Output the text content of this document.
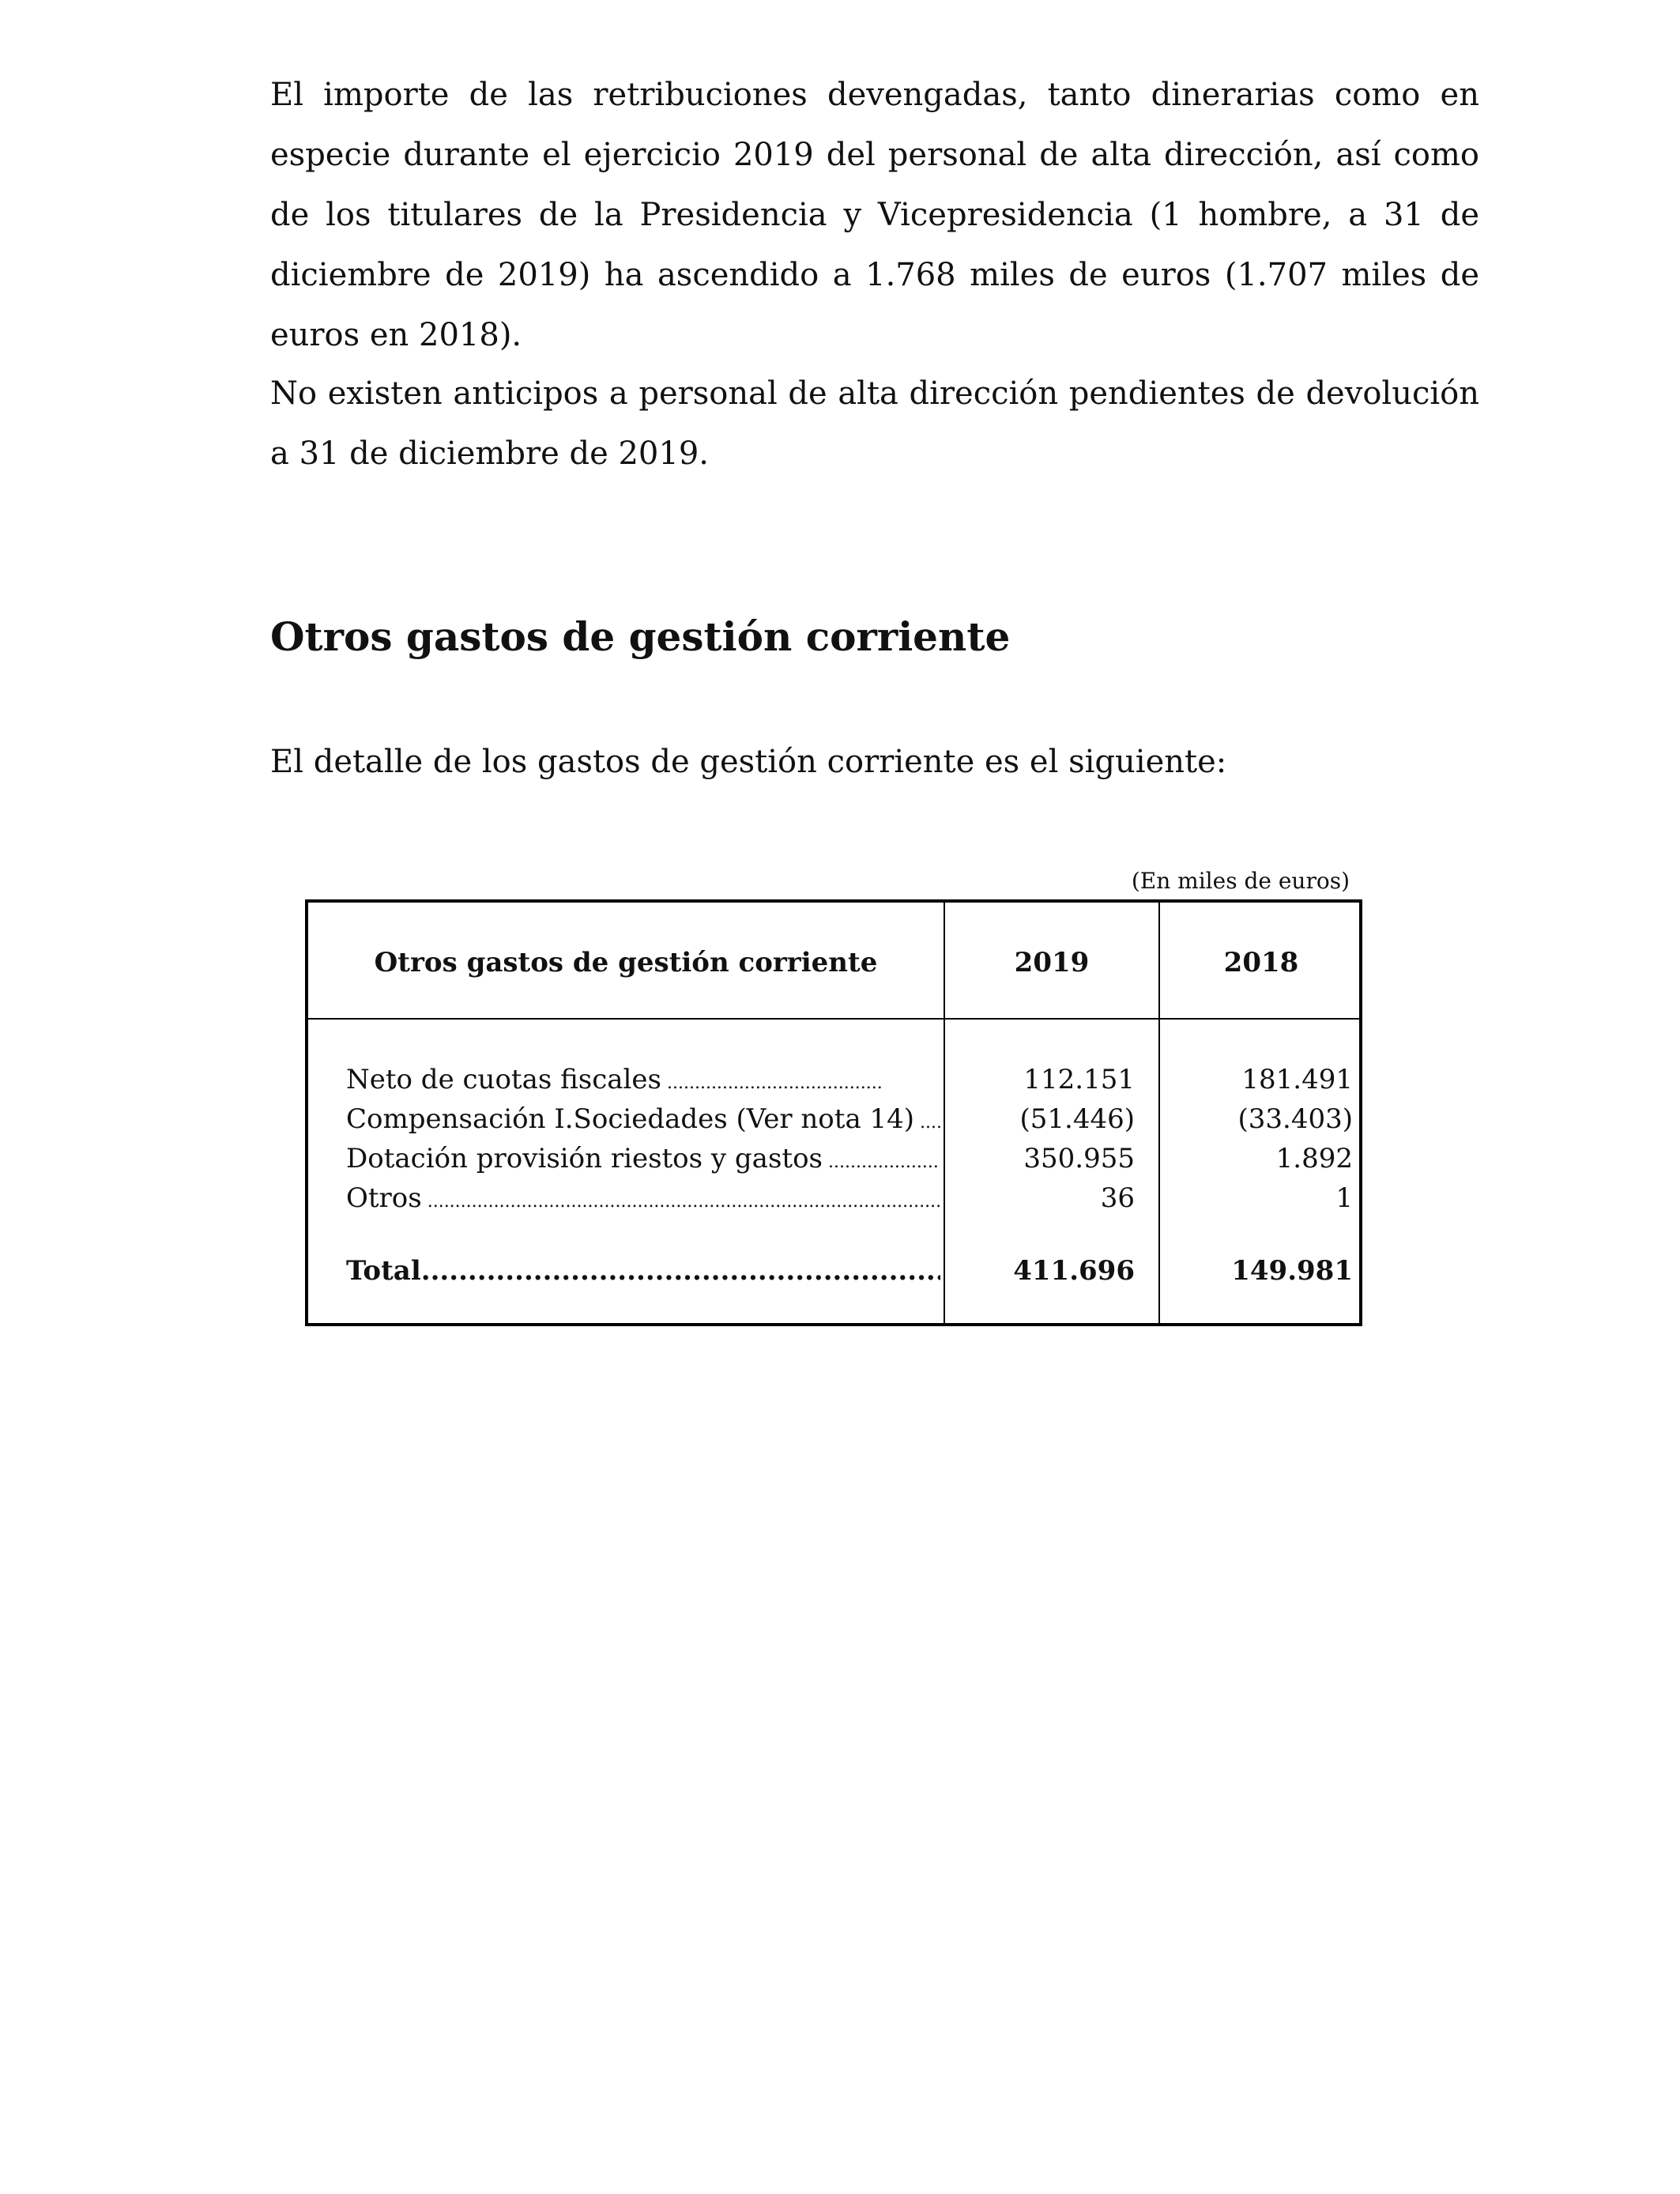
El importe de las retribuciones devengadas, tanto dinerarias como en especie durante el ejercicio 2019 del personal de alta dirección, así como de los titulares de la Presidencia y Vicepresidencia (1 hombre, a 31 de diciembre de 2019) ha ascendido a 1.768 miles de euros (1.707 miles de euros en 2018).

No existen anticipos a personal de alta dirección pendientes de devolución a 31 de diciembre de 2019.

Otros gastos de gestión corriente

El detalle de los gastos de gestión corriente es el siguiente:

(En miles de euros)
Otros gastos de gestión corriente	2019	2018
Neto de cuotas fiscales .....	112.151	181.491
Compensación I.Sociedades (Ver nota 14) .....	(51.446)	(33.403)
Dotación provisión riestos y gastos .....	350.955	1.892
Otros .....	36	1
Total .....	411.696	149.981
